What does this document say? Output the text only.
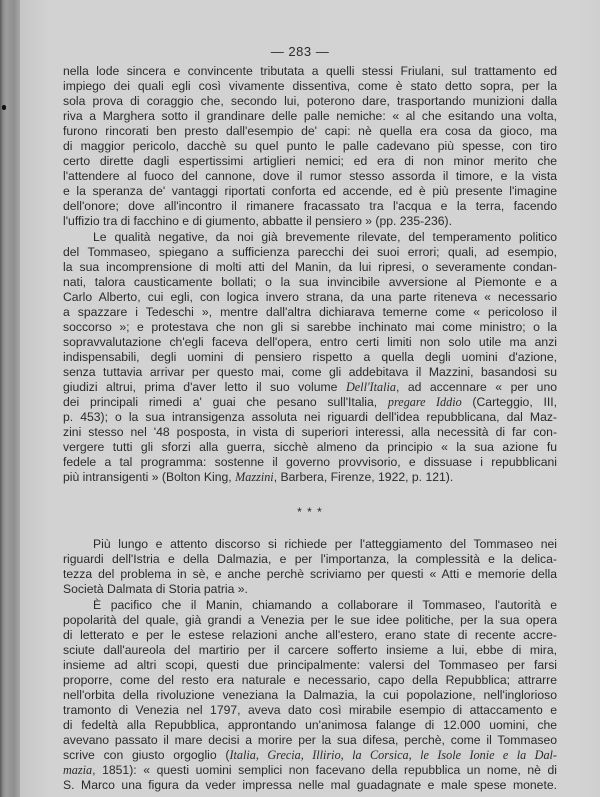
— 283 —
nella lode sincera e convincente tributata a quelli stessi Friulani, sul trattamento ed
impiego dei quali egli così vivamente dissentiva, come è stato detto sopra, per la
sola prova di coraggio che, secondo lui, poterono dare, trasportando munizioni dalla
riva a Marghera sotto il grandinare delle palle nemiche: « al che esitando una volta,
furono rincorati ben presto dall'esempio de' capi: nè quella era cosa da gioco, ma
di maggior pericolo, dacchè su quel punto le palle cadevano più spesse, con tiro
certo dirette dagli espertissimi artiglieri nemici; ed era di non minor merito che
l'attendere al fuoco del cannone, dove il rumor stesso assorda il timore, e la vista
e la speranza de' vantaggi riportati conforta ed accende, ed è più presente l'imagine
dell'onore; dove all'incontro il rimanere fracassato tra l'acqua e la terra, facendo
l'uffizio tra di facchino e di giumento, abbatte il pensiero » (pp. 235-236).
Le qualità negative, da noi già brevemente rilevate, del temperamento politico
del Tommaseo, spiegano a sufficienza parecchi dei suoi errori; quali, ad esempio,
la sua incomprensione di molti atti del Manin, da lui ripresi, o severamente condan-
nati, talora causticamente bollati; o la sua invincibile avversione al Piemonte e a
Carlo Alberto, cui egli, con logica invero strana, da una parte riteneva « necessario
a spazzare i Tedeschi », mentre dall'altra dichiarava temerne come « pericoloso il
soccorso »; e protestava che non gli si sarebbe inchinato mai come ministro; o la
sopravvalutazione ch'egli faceva dell'opera, entro certi limiti non solo utile ma anzi
indispensabili, degli uomini di pensiero rispetto a quella degli uomini d'azione,
senza tuttavia arrivar per questo mai, come gli addebitava il Mazzini, basandosi su
giudizi altrui, prima d'aver letto il suo volume Dell'Italia, ad accennare « per uno
dei principali rimedi a' guai che pesano sull'Italia, pregare Iddio (Carteggio, III,
p. 453); o la sua intransigenza assoluta nei riguardi dell'idea repubblicana, dal Maz-
zini stesso nel '48 posposta, in vista di superiori interessi, alla necessità di far con-
vergere tutti gli sforzi alla guerra, sicchè almeno da principio « la sua azione fu
fedele a tal programma: sostenne il governo provvisorio, e dissuase i repubblicani
più intransigenti » (Bolton King, Mazzini, Barbera, Firenze, 1922, p. 121).
* * *
Più lungo e attento discorso si richiede per l'atteggiamento del Tommaseo nei
riguardi dell'Istria e della Dalmazia, e per l'importanza, la complessità e la delica-
tezza del problema in sè, e anche perchè scriviamo per questi « Atti e memorie della
Società Dalmata di Storia patria ».
È pacifico che il Manin, chiamando a collaborare il Tommaseo, l'autorità e
popolarità del quale, già grandi a Venezia per le sue idee politiche, per la sua opera
di letterato e per le estese relazioni anche all'estero, erano state di recente accre-
sciute dall'aureola del martirio per il carcere sofferto insieme a lui, ebbe di mira,
insieme ad altri scopi, questi due principalmente: valersi del Tommaseo per farsi
proporre, come del resto era naturale e necessario, capo della Repubblica; attrarre
nell'orbita della rivoluzione veneziana la Dalmazia, la cui popolazione, nell'inglorioso
tramonto di Venezia nel 1797, aveva dato così mirabile esempio di attaccamento e
di fedeltà alla Repubblica, approntando un'animosa falange di 12.000 uomini, che
avevano passato il mare decisi a morire per la sua difesa, perchè, come il Tommaseo
scrive con giusto orgoglio (Italia, Grecia, Illirio, la Corsica, le Isole Ionie e la Dal-
mazia, 1851): « questi uomini semplici non facevano della repubblica un nome, nè di
S. Marco una figura da veder impressa nelle mal guadagnate e male spese monete.
